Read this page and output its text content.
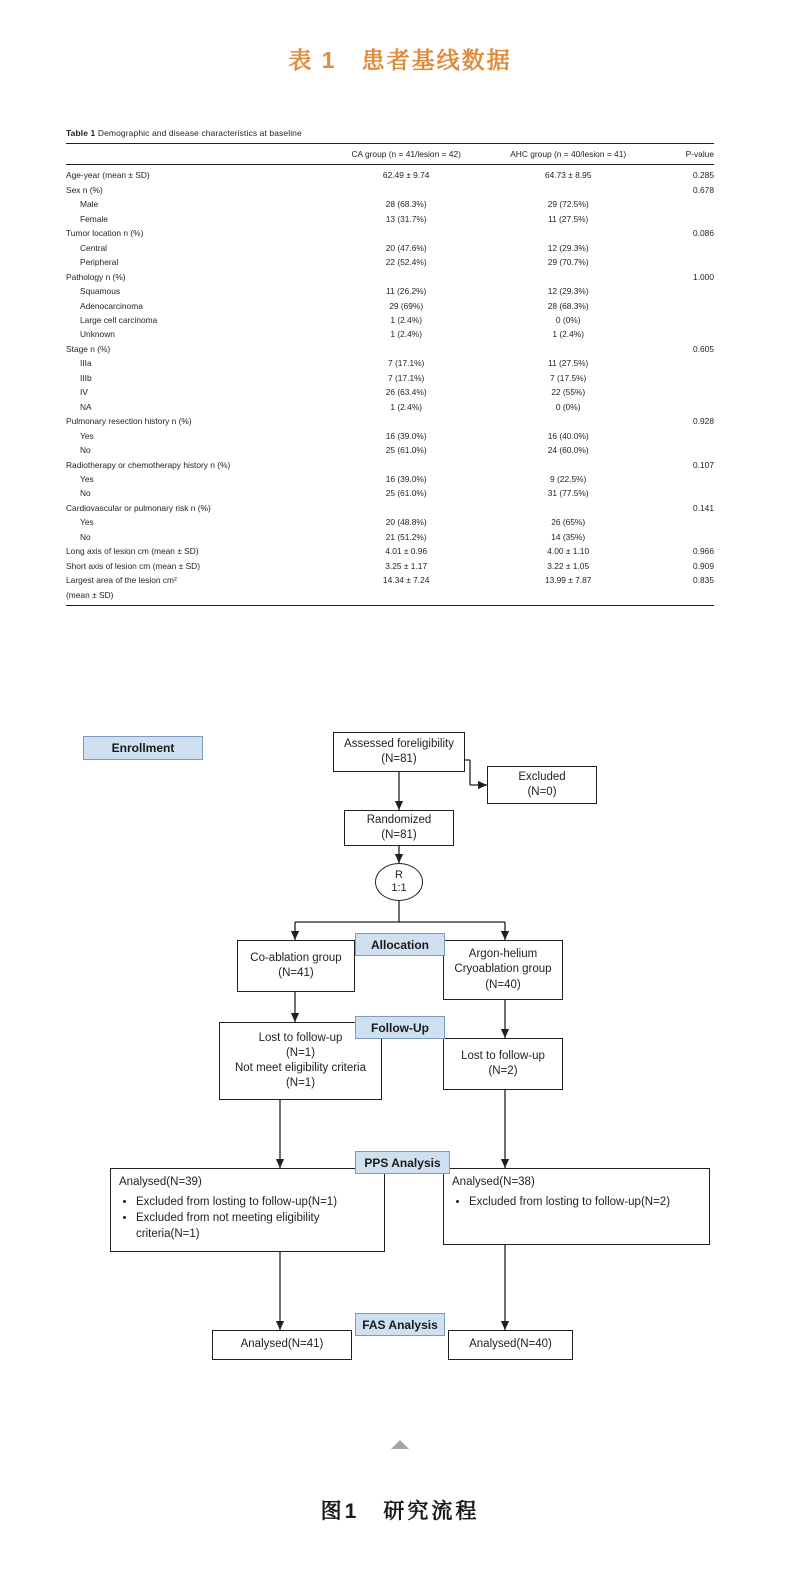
表 1　患者基线数据
Table 1 Demographic and disease characteristics at baseline
	CA group (n = 41/lesion = 42)	AHC group (n = 40/lesion = 41)	P-value
Age-year (mean ± SD)	62.49 ± 9.74	64.73 ± 8.95	0.285
Sex n (%)			0.678
Male	28 (68.3%)	29 (72.5%)	
Female	13 (31.7%)	11 (27.5%)	
Tumor location n (%)			0.086
Central	20 (47.6%)	12 (29.3%)	
Peripheral	22 (52.4%)	29 (70.7%)	
Pathology n (%)			1.000
Squamous	11 (26.2%)	12 (29.3%)	
Adenocarcinoma	29 (69%)	28 (68.3%)	
Large cell carcinoma	1 (2.4%)	0 (0%)	
Unknown	1 (2.4%)	1 (2.4%)	
Stage n (%)			0.605
IIIa	7 (17.1%)	11 (27.5%)	
IIIb	7 (17.1%)	7 (17.5%)	
IV	26 (63.4%)	22 (55%)	
NA	1 (2.4%)	0 (0%)	
Pulmonary resection history n (%)			0.928
Yes	16 (39.0%)	16 (40.0%)	
No	25 (61.0%)	24 (60.0%)	
Radiotherapy or chemotherapy history n (%)			0.107
Yes	16 (39.0%)	9 (22.5%)	
No	25 (61.0%)	31 (77.5%)	
Cardiovascular or pulmonary risk n (%)			0.141
Yes	20 (48.8%)	26 (65%)	
No	21 (51.2%)	14 (35%)	
Long axis of lesion cm (mean ± SD)	4.01 ± 0.96	4.00 ± 1.10	0.966
Short axis of lesion cm (mean ± SD)	3.25 ± 1.17	3.22 ± 1.05	0.909
Largest area of the lesion cm²	14.34 ± 7.24	13.99 ± 7.87	0.835
(mean ± SD)			

Enrollment
Allocation
Follow-Up
PPS Analysis
FAS Analysis
Assessed foreligibility
(N=81)
Excluded
(N=0)
Randomized
(N=81)
R
1:1
Co-ablation group
(N=41)
Argon-helium
Cryoablation group
(N=40)
Lost to follow-up
(N=1)
Not meet eligibility criteria
(N=1)
Lost to follow-up
(N=2)
Analysed(N=39)
• Excluded from losting to follow-up(N=1)
• Excluded from not meeting eligibility criteria(N=1)
Analysed(N=38)
• Excluded from losting to follow-up(N=2)
Analysed(N=41)	Analysed(N=40)
图1　研究流程
